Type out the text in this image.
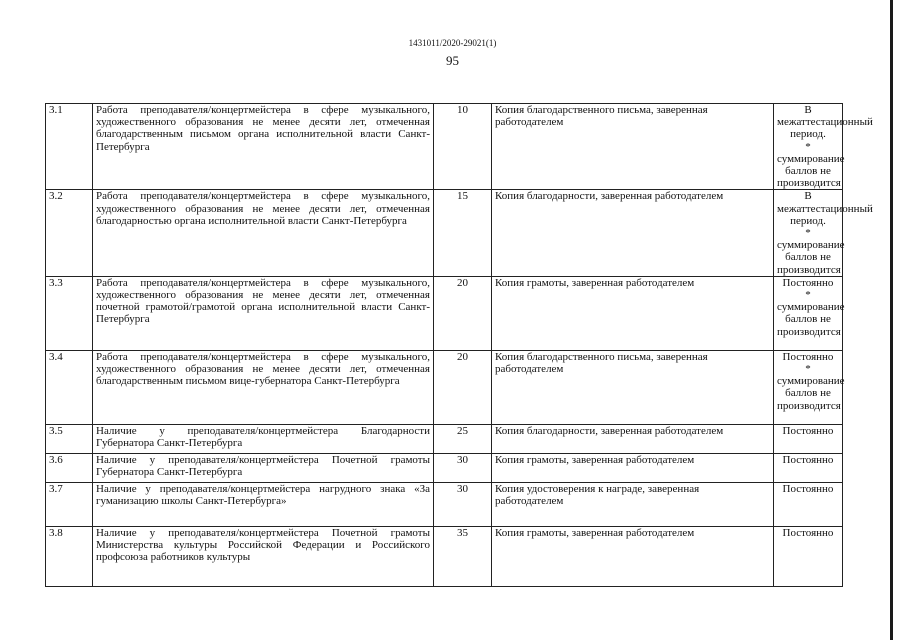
1431011/2020-29021(1)
95
3.1	Работа преподавателя/концертмейстера в сфере музыкального, художественного образования не менее десяти лет, отмеченная благодарственным письмом органа исполнительной власти Санкт-Петербурга	10	Копия благодарственного письма, заверенная работодателем	В межаттестационный период.
* суммирование баллов не производится
3.2	Работа преподавателя/концертмейстера в сфере музыкального, художественного образования не менее десяти лет, отмеченная благодарностью органа исполнительной власти Санкт-Петербурга	15	Копия благодарности, заверенная работодателем	В межаттестационный период.
* суммирование баллов не производится
3.3	Работа преподавателя/концертмейстера в сфере музыкального, художественного образования не менее десяти лет, отмеченная почетной грамотой/грамотой органа исполнительной власти Санкт-Петербурга	20	Копия грамоты, заверенная работодателем	Постоянно
* суммирование баллов не производится
3.4	Работа преподавателя/концертмейстера в сфере музыкального, художественного образования не менее десяти лет, отмеченная благодарственным письмом вице-губернатора Санкт-Петербурга	20	Копия благодарственного письма, заверенная работодателем	Постоянно
* суммирование баллов не производится
3.5	Наличие у преподавателя/концертмейстера Благодарности Губернатора Санкт-Петербурга	25	Копия благодарности, заверенная работодателем	Постоянно
3.6	Наличие у преподавателя/концертмейстера Почетной грамоты Губернатора Санкт-Петербурга	30	Копия грамоты, заверенная работодателем	Постоянно
3.7	Наличие у преподавателя/концертмейстера нагрудного знака «За гуманизацию школы Санкт-Петербурга»	30	Копия удостоверения к награде, заверенная работодателем	Постоянно
3.8	Наличие у преподавателя/концертмейстера Почетной грамоты Министерства культуры Российской Федерации и Российского профсоюза работников культуры	35	Копия грамоты, заверенная работодателем	Постоянно
